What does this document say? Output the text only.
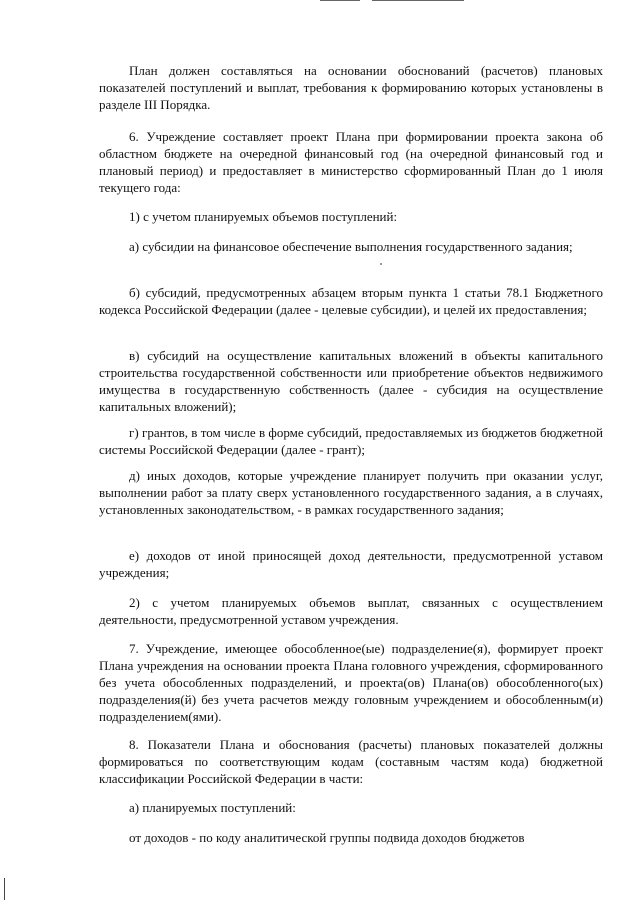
План должен составляться на основании обоснований (расчетов) плановых показателей поступлений и выплат, требования к формированию которых установлены в разделе III Порядка.

6. Учреждение составляет проект Плана при формировании проекта закона об областном бюджете на очередной финансовый год (на очередной финансовый год и плановый период) и предоставляет в министерство сформированный План до 1 июля текущего года:

1) с учетом планируемых объемов поступлений:

а) субсидии на финансовое обеспечение выполнения государственного задания;

б) субсидий, предусмотренных абзацем вторым пункта 1 статьи 78.1 Бюджетного кодекса Российской Федерации (далее - целевые субсидии), и целей их предоставления;

в) субсидий на осуществление капитальных вложений в объекты капитального строительства государственной собственности или приобретение объектов недвижимого имущества в государственную собственность (далее - субсидия на осуществление капитальных вложений);

г) грантов, в том числе в форме субсидий, предоставляемых из бюджетов бюджетной системы Российской Федерации (далее - грант);

д) иных доходов, которые учреждение планирует получить при оказании услуг, выполнении работ за плату сверх установленного государственного задания, а в случаях, установленных законодательством, - в рамках государственного задания;

е) доходов от иной приносящей доход деятельности, предусмотренной уставом учреждения;

2) с учетом планируемых объемов выплат, связанных с осуществлением деятельности, предусмотренной уставом учреждения.

7. Учреждение, имеющее обособленное(ые) подразделение(я), формирует проект Плана учреждения на основании проекта Плана головного учреждения, сформированного без учета обособленных подразделений, и проекта(ов) Плана(ов) обособленного(ых) подразделения(й) без учета расчетов между головным учреждением и обособленным(и) подразделением(ями).

8. Показатели Плана и обоснования (расчеты) плановых показателей должны формироваться по соответствующим кодам (составным частям кода) бюджетной классификации Российской Федерации в части:

а) планируемых поступлений:

от доходов - по коду аналитической группы подвида доходов бюджетов
